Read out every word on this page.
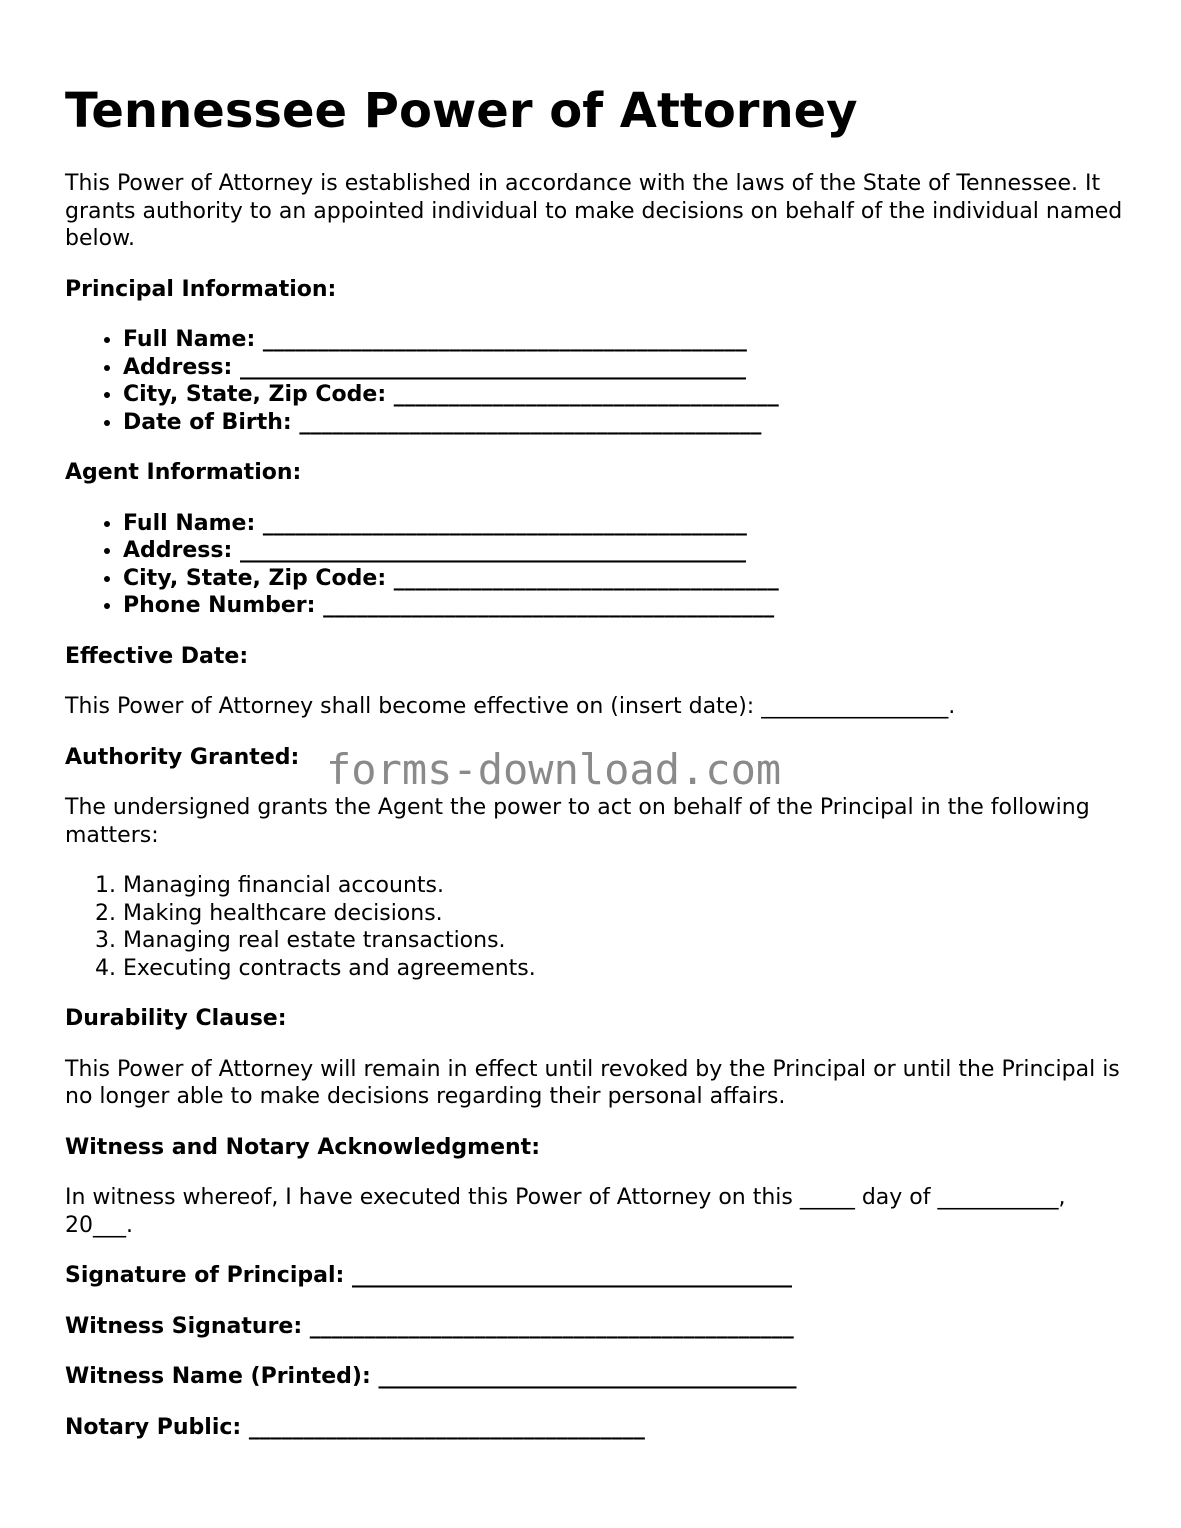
Tennessee Power of Attorney

This Power of Attorney is established in accordance with the laws of the State of Tennessee. It grants authority to an appointed individual to make decisions on behalf of the individual named below.

Principal Information:
• Full Name: ____________________________________________
• Address: ______________________________________________
• City, State, Zip Code: ___________________________________
• Date of Birth: __________________________________________
Agent Information:
• Full Name: ____________________________________________
• Address: ______________________________________________
• City, State, Zip Code: ___________________________________
• Phone Number: _________________________________________
Effective Date:

This Power of Attorney shall become effective on (insert date): _________________.

Authority Granted:

The undersigned grants the Agent the power to act on behalf of the Principal in the following matters:

1. Managing financial accounts.
2. Making healthcare decisions.
3. Managing real estate transactions.
4. Executing contracts and agreements.
Durability Clause:

This Power of Attorney will remain in effect until revoked by the Principal or until the Principal is no longer able to make decisions regarding their personal affairs.

Witness and Notary Acknowledgment:

In witness whereof, I have executed this Power of Attorney on this _____ day of ___________, 20___.

Signature of Principal: ________________________________________
Witness Signature: ____________________________________________
Witness Name (Printed): ______________________________________
Notary Public: ____________________________________
forms-download.com
